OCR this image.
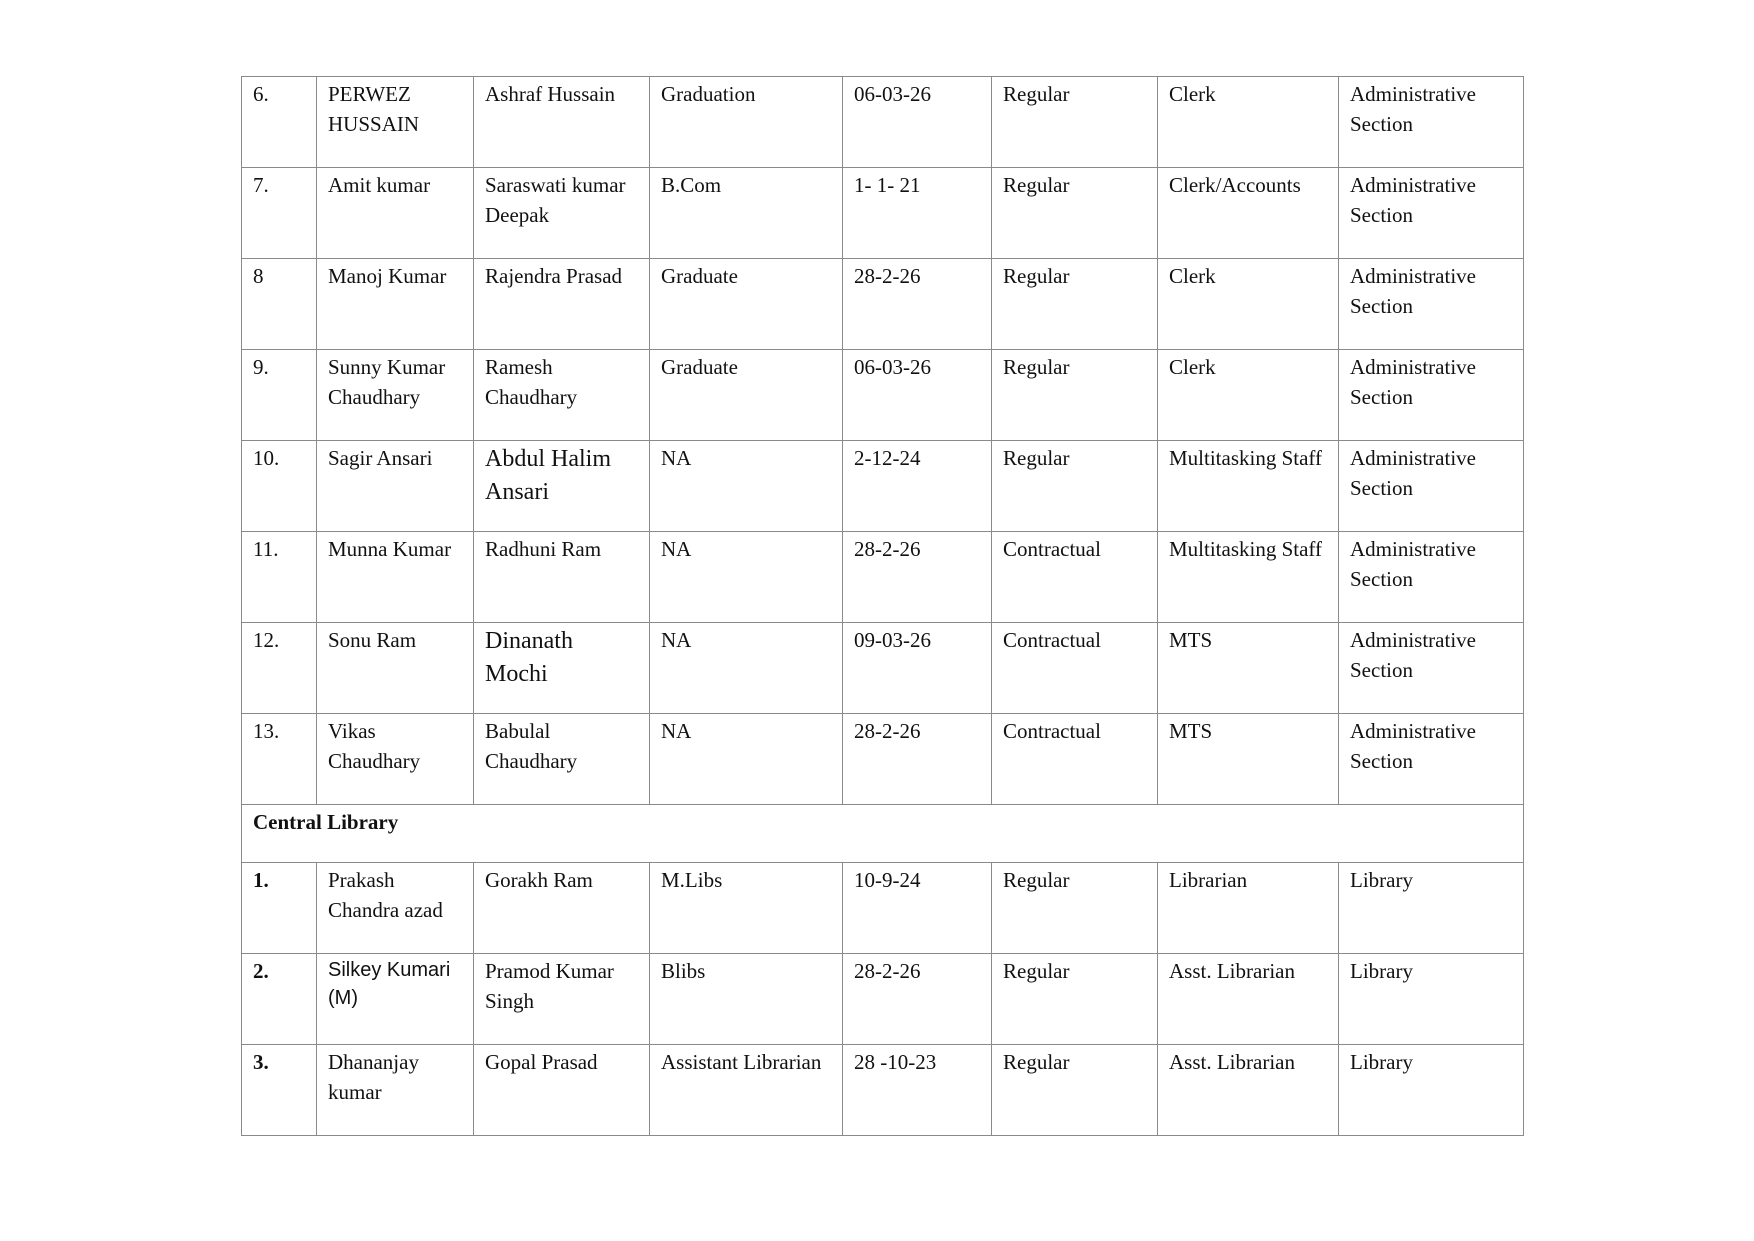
6.	PERWEZ HUSSAIN	Ashraf Hussain	Graduation	06-03-26	Regular	Clerk	Administrative Section

7.	Amit kumar	Saraswati kumar Deepak	B.Com	1- 1- 21	Regular	Clerk/Accounts	Administrative Section

8	Manoj Kumar	Rajendra Prasad	Graduate	28-2-26	Regular	Clerk	Administrative Section

9.	Sunny Kumar Chaudhary	Ramesh Chaudhary	Graduate	06-03-26	Regular	Clerk	Administrative Section

10.	Sagir Ansari	Abdul Halim Ansari	NA	2-12-24	Regular	Multitasking Staff	Administrative Section

11.	Munna Kumar	Radhuni Ram	NA	28-2-26	Contractual	Multitasking Staff	Administrative Section

12.	Sonu Ram	Dinanath Mochi	NA	09-03-26	Contractual	MTS	Administrative Section

13.	Vikas Chaudhary	Babulal Chaudhary	NA	28-2-26	Contractual	MTS	Administrative Section

Central Library							

1.	Prakash Chandra azad	Gorakh Ram	M.Libs	10-9-24	Regular	Librarian	Library

2.	Silkey Kumari (M)	Pramod Kumar Singh	Blibs	28-2-26	Regular	Asst. Librarian	Library

3.	Dhananjay kumar	Gopal Prasad	Assistant Librarian	28 -10-23	Regular	Asst. Librarian	Library
